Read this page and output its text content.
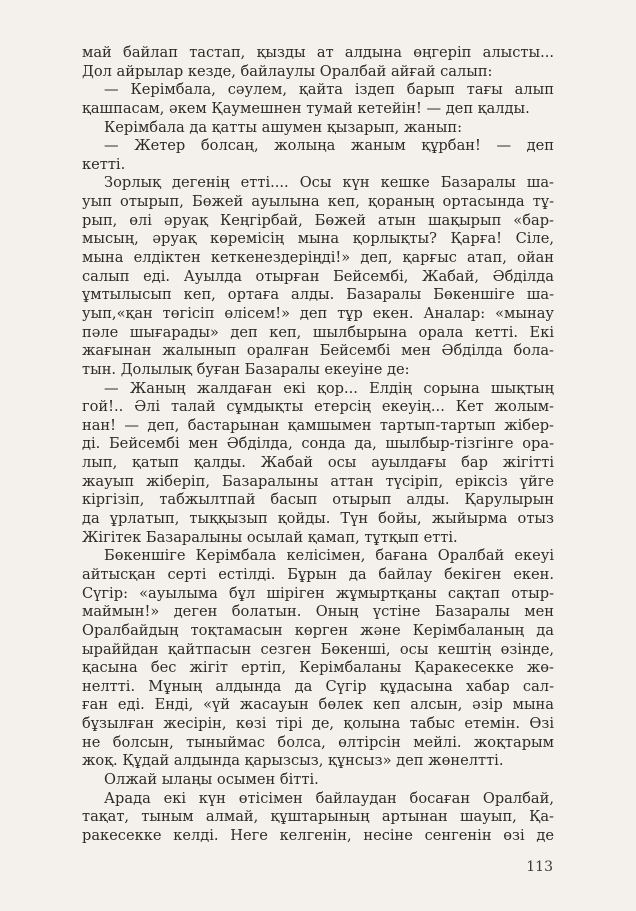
май байлап тастап, қызды ат алдына өңгеріп алысты...
Дол айрылар кезде, байлаулы Оралбай айғай салып:
— Керімбала, сәулем, қайта іздеп барып тағы алып
қашпасам, әкем Қаумешнен тумай кетейін! — деп қалды.
Керімбала да қатты ашумен қызарып, жанып:
— Жетер болсаң, жолыңа жаным құрбан! — деп
кетті.
Зорлық дегенің етті.... Осы күн кешке Базаралы ша-
уып отырып, Бөжей ауылына кеп, қораның ортасында тұ-
рып, өлі әруақ Кеңгірбай, Бөжей атын шақырып «бар-
мысың, әруақ көремісің мына қорлықты? Қарға! Сіле,
мына елдіктен кеткенездеріңді!» деп, қарғыс атап, ойан
салып еді. Ауылда отырған Бейсембі, Жабай, Әбділда
ұмтылысып кеп, ортаға алды. Базаралы Бөкеншіге ша-
уып,«қан төгісіп өлісем!» деп тұр екен. Аналар: «мынау
пәле шығарады» деп кеп, шылбырына орала кетті. Екі
жағынан жалынып оралған Бейсембі мен Әбділда бола-
тын. Долылық буған Базаралы екеуіне де:
— Жаның жалдаған екі қор... Елдің сорына шықтың
гой!.. Әлі талай сұмдықты етерсің екеуің... Кет жолым-
нан! — деп, бастарынан қамшымен тартып-тартып жібер-
ді. Бейсембі мен Әбділда, сонда да, шылбыр-тізгінге ора-
лып, қатып қалды. Жабай осы ауылдағы бар жігітті
жауып жіберіп, Базаралыны аттан түсіріп, еріксіз үйге
кіргізіп, табжылтпай басып отырып алды. Қарулырын
да ұрлатып, тыққызып қойды. Түн бойы, жыйырма отыз
Жігітек Базаралыны осылай қамап, тұтқып етті.
Бөкеншіге Керімбала келісімен, бағана Оралбай екеуі
айтысқан серті естілді. Бұрын да байлау бекіген екен.
Сүгір: «ауылыма бұл шіріген жұмыртқаны сақтап отыр-
маймын!» деген болатын. Оның үстіне Базаралы мен
Оралбайдың тоқтамасын көрген және Керімбаланың да
ыраййдан қайтпасын сезген Бөкенші, осы кештің өзінде,
қасына бес жігіт ертіп, Керімбаланы Қаракесекке жө-
нелтті. Мұның алдында да Сүгір құдасына хабар сал-
ған еді. Енді, «үй жасауын бөлек кеп алсын, әзір мына
бұзылған жесірін, көзі тірі де, қолына табыс етемін. Өзі
не болсын, тыныймас болса, өлтірсін мейлі. жоқтарым
жоқ. Құдай алдында қарызсыз, құнсыз» деп жөнелтті.
Олжай ылаңы осымен бітті.
Арада екі күн өтісімен байлаудан босаған Оралбай,
тақат, тыным алмай, құштарының артынан шауып, Қа-
ракесекке келді. Неге келгенін, несіне сенгенін өзі де
113
